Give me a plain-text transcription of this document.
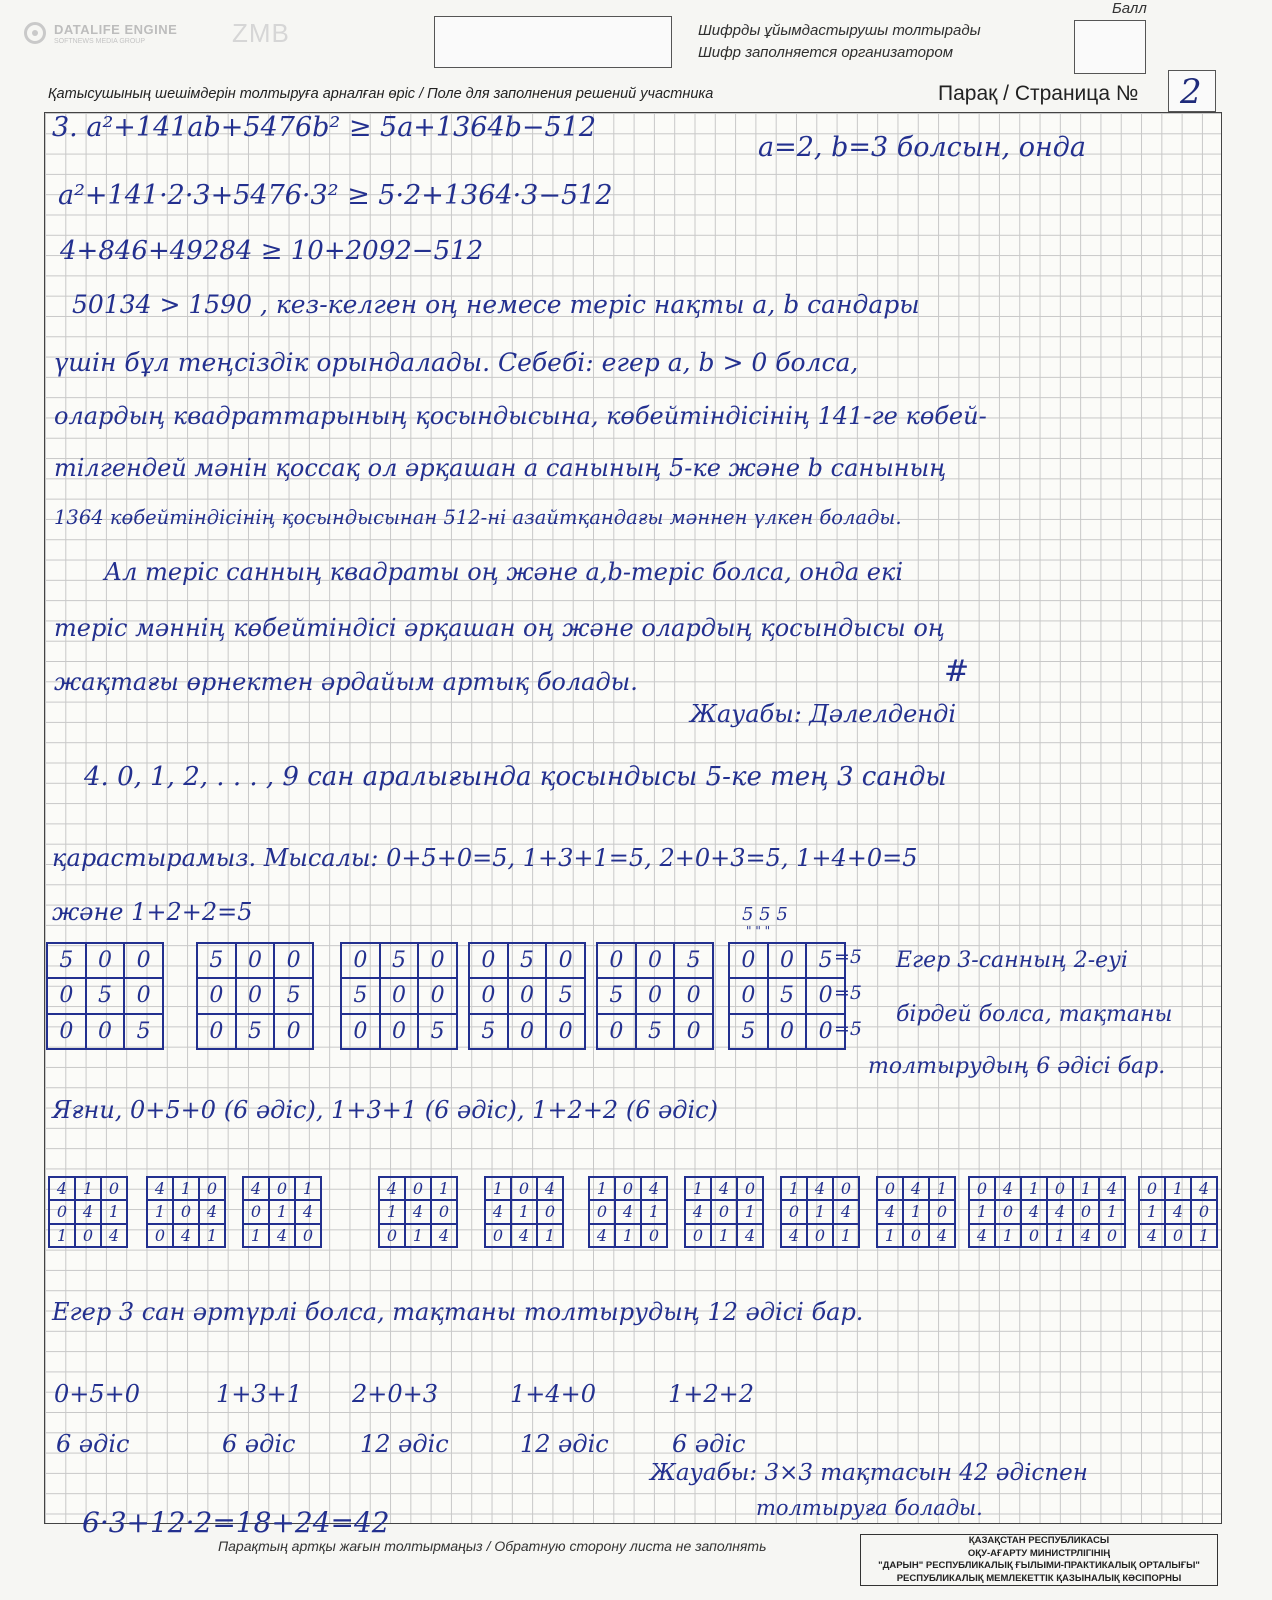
DATALIFE ENGINE
SOFTNEWS MEDIA GROUP	ZMB	Шифрды ұйымдастырушы толтырады
Шифр заполняется организатором
Балл
Қатысушының шешімдерін толтыруға арналған өріс / Поле для заполнения решений участника	Парақ / Страница № 2
3. a²+141ab+5476b² ≥ 5a+1364b−512
a=2, b=3 болсын, онда
a²+141·2·3+5476·3² ≥ 5·2+1364·3−512
4+846+49284 ≥ 10+2092−512
50134 > 1590 , кез-келген оң немесе теріс нақты a, b сандары
үшін бұл теңсіздік орындалады. Себебі: егер a, b > 0 болса,
олардың квадраттарының қосындысына, көбейтіндісінің 141-ге көбей-
тілгендей мәнін қоссақ ол әрқашан a санының 5-ке және b санының
1364 көбейтіндісінің қосындысынан 512-ні азайтқандағы мәннен үлкен болады.
Ал теріс санның квадраты оң және a,b-теріс болса, онда екі
теріс мәннің көбейтіндісі әрқашан оң және олардың қосындысы оң
жақтағы өрнектен әрдайым артық болады.	#
Жауабы: Дәлелденді
4. 0, 1, 2, . . . , 9 сан аралығында қосындысы 5-ке тең 3 санды
қарастырамыз. Мысалы: 0+5+0=5, 1+3+1=5, 2+0+3=5, 1+4+0=5
және 1+2+2=5	5 5 5
" " "
=5
=5
=5
Егер 3-санның 2-еуі
бірдей болса, тақтаны
толтырудың 6 әдісі бар.
Яғни, 0+5+0 (6 әдіс), 1+3+1 (6 әдіс), 1+2+2 (6 әдіс)
Егер 3 сан әртүрлі болса, тақтаны толтырудың 12 әдісі бар.
0+5+0
6 әдіс
1+3+1
6 әдіс
2+0+3
12 әдіс
1+4+0
12 әдіс
1+2+2
6 әдіс
6·3+12·2=18+24=42
Жауабы: 3×3 тақтасын 42 әдіспен
толтыруға болады.
Парақтың артқы жағын толтырмаңыз / Обратную сторону листа не заполнять	ҚАЗАҚСТАН РЕСПУБЛИКАСЫ
ОҚУ-АҒАРТУ МИНИСТРЛІГІНІҢ
"ДАРЫН" РЕСПУБЛИКАЛЫҚ ҒЫЛЫМИ-ПРАКТИКАЛЫҚ ОРТАЛЫҒЫ"
РЕСПУБЛИКАЛЫҚ МЕМЛЕКЕТТІК ҚАЗЫНАЛЫҚ КӘСІПОРНЫ
5	0	0
0	5	0
0	0	5
5	0	0
0	0	5
0	5	0
0	5	0
5	0	0
0	0	5
0	5	0
0	0	5
5	0	0
0	0	5
5	0	0
0	5	0
0	0	5
0	5	0
5	0	0
4 1 0
0 4 1
1 0 4
4 1 0
1 0 4
0 4 1
4 0 1
0 1 4
1 4 0
4 0 1
1 4 0
0 1 4
1 0 4
4 1 0
0 4 1
1 0 4
0 4 1
4 1 0
1 4 0
4 0 1
0 1 4
1 4 0
0 1 4
4 0 1
0 4 1
4 1 0
1 0 4
0 4 1
1 0 4
4 1 0
0 1 4
4 0 1
1 4 0
0 1 4
1 4 0
4 0 1
